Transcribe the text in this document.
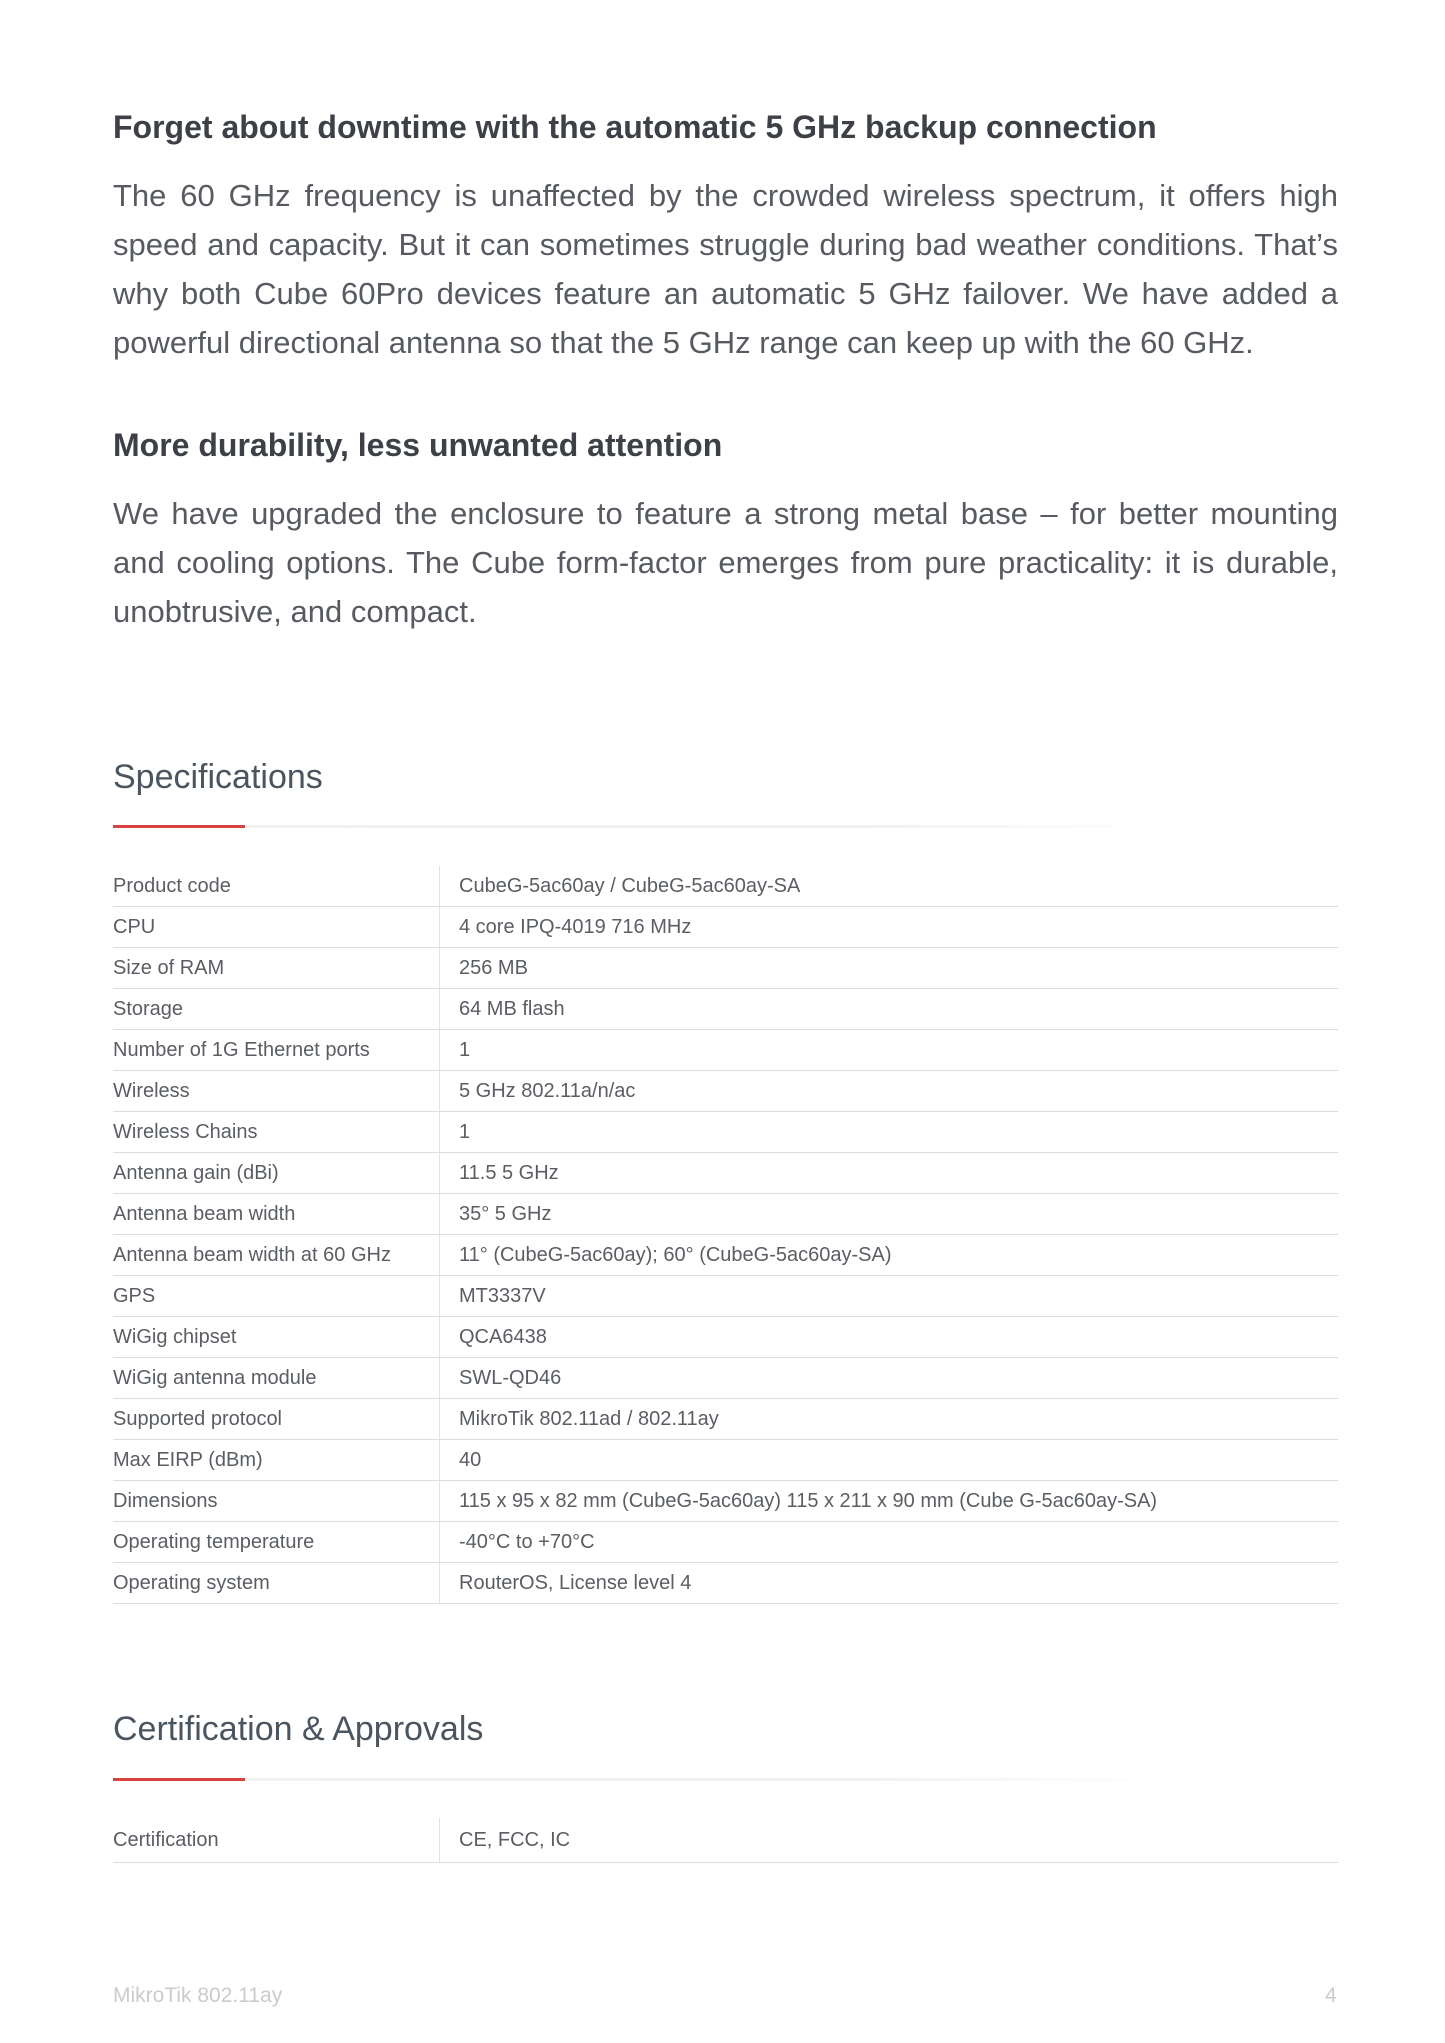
Forget about downtime with the automatic 5 GHz backup connection

The 60 GHz frequency is unaffected by the crowded wireless spectrum, it offers high speed and capacity. But it can sometimes struggle during bad weather conditions. That’s why both Cube 60Pro devices feature an automatic 5 GHz failover. We have added a powerful directional antenna so that the 5 GHz range can keep up with the 60 GHz.

More durability, less unwanted attention

We have upgraded the enclosure to feature a strong metal base – for better mounting and cooling options. The Cube form-factor emerges from pure practicality: it is durable, unobtrusive, and compact.

Specifications
Product code	CubeG-5ac60ay / CubeG-5ac60ay-SA
CPU	4 core IPQ-4019 716 MHz
Size of RAM	256 MB
Storage	64 MB flash
Number of 1G Ethernet ports	1
Wireless	5 GHz 802.11a/n/ac
Wireless Chains	1
Antenna gain (dBi)	11.5 5 GHz
Antenna beam width	35° 5 GHz
Antenna beam width at 60 GHz	11° (CubeG-5ac60ay); 60° (CubeG-5ac60ay-SA)
GPS	MT3337V
WiGig chipset	QCA6438
WiGig antenna module	SWL-QD46
Supported protocol	MikroTik 802.11ad / 802.11ay
Max EIRP (dBm)	40
Dimensions	115 x 95 x 82 mm (CubeG-5ac60ay) 115 x 211 x 90 mm (Cube G-5ac60ay-SA)
Operating temperature	-40°C to +70°C
Operating system	RouterOS, License level 4
Certification & Approvals
Certification	CE, FCC, IC
MikroTik 802.11ay	4
